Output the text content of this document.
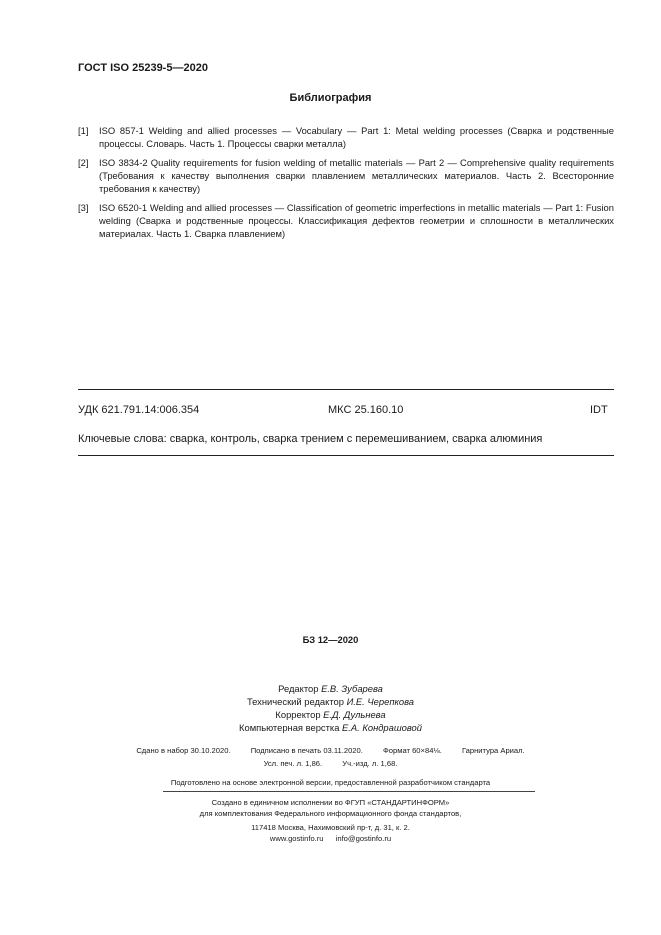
ГОСТ ISO 25239-5—2020
Библиография
[1] ISO 857-1 Welding and allied processes — Vocabulary — Part 1: Metal welding processes (Сварка и родственные процессы. Словарь. Часть 1. Процессы сварки металла)
[2] ISO 3834-2 Quality requirements for fusion welding of metallic materials — Part 2 — Comprehensive quality requirements (Требования к качеству выполнения сварки плавлением металлических материалов. Часть 2. Всесторонние требования к качеству)
[3] ISO 6520-1 Welding and allied processes — Classification of geometric imperfections in metallic materials — Part 1: Fusion welding (Сварка и родственные процессы. Классификация дефектов геометрии и сплошности в металлических материалах. Часть 1. Сварка плавлением)
УДК 621.791.14:006.354	МКС 25.160.10	IDT
Ключевые слова: сварка, контроль, сварка трением с перемешиванием, сварка алюминия
БЗ 12—2020
Редактор Е.В. Зубарева
Технический редактор И.Е. Черепкова
Корректор Е.Д. Дульнева
Компьютерная верстка Е.А. Кондрашовой
Сдано в набор 30.10.2020.	Подписано в печать 03.11.2020.	Формат 60×84⅛.	Гарнитура Ариал.
Усл. печ. л. 1,86.	Уч.-изд. л. 1,68.
Подготовлено на основе электронной версии, предоставленной разработчиком стандарта
Создано в единичном исполнении во ФГУП «СТАНДАРТИНФОРМ»
для комплектования Федерального информационного фонда стандартов,
117418 Москва, Нахимовский пр-т, д. 31, к. 2.
www.gostinfo.ru info@gostinfo.ru
